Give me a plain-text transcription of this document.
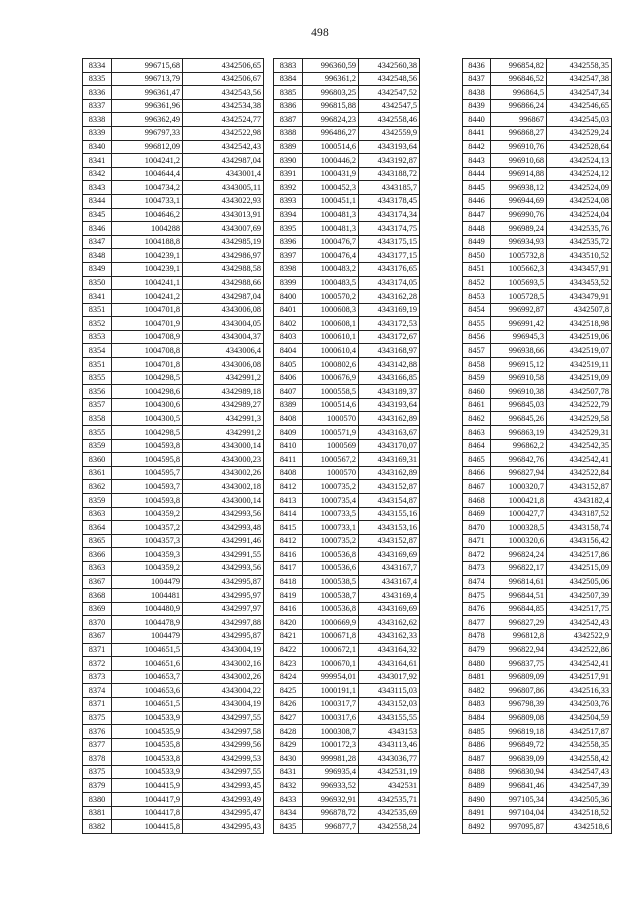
498
8334	996715,68	4342506,65
8335	996713,79	4342506,67
8336	996361,47	4342543,56
8337	996361,96	4342534,38
8338	996362,49	4342524,77
8339	996797,33	4342522,98
8340	996812,09	4342542,43
8341	1004241,2	4342987,04
8342	1004644,4	4343001,4
8343	1004734,2	4343005,11
8344	1004733,1	4343022,93
8345	1004646,2	4343013,91
8346	1004288	4343007,69
8347	1004188,8	4342985,19
8348	1004239,1	4342986,97
8349	1004239,1	4342988,58
8350	1004241,1	4342988,66
8341	1004241,2	4342987,04
8351	1004701,8	4343006,08
8352	1004701,9	4343004,05
8353	1004708,9	4343004,37
8354	1004708,8	4343006,4
8351	1004701,8	4343006,08
8355	1004298,5	4342991,2
8356	1004298,6	4342989,18
8357	1004300,6	4342989,27
8358	1004300,5	4342991,3
8355	1004298,5	4342991,2
8359	1004593,8	4343000,14
8360	1004595,8	4343000,23
8361	1004595,7	4343002,26
8362	1004593,7	4343002,18
8359	1004593,8	4343000,14
8363	1004359,2	4342993,56
8364	1004357,2	4342993,48
8365	1004357,3	4342991,46
8366	1004359,3	4342991,55
8363	1004359,2	4342993,56
8367	1004479	4342995,87
8368	1004481	4342995,97
8369	1004480,9	4342997,97
8370	1004478,9	4342997,88
8367	1004479	4342995,87
8371	1004651,5	4343004,19
8372	1004651,6	4343002,16
8373	1004653,7	4343002,26
8374	1004653,6	4343004,22
8371	1004651,5	4343004,19
8375	1004533,9	4342997,55
8376	1004535,9	4342997,58
8377	1004535,8	4342999,56
8378	1004533,8	4342999,53
8375	1004533,9	4342997,55
8379	1004415,9	4342993,45
8380	1004417,9	4342993,49
8381	1004417,8	4342995,47
8382	1004415,8	4342995,43
8383	996360,59	4342560,38
8384	996361,2	4342548,56
8385	996803,25	4342547,52
8386	996815,88	4342547,5
8387	996824,23	4342558,46
8388	996486,27	4342559,9
8389	1000514,6	4343193,64
8390	1000446,2	4343192,87
8391	1000431,9	4343188,72
8392	1000452,3	4343185,7
8393	1000451,1	4343178,45
8394	1000481,3	4343174,34
8395	1000481,3	4343174,75
8396	1000476,7	4343175,15
8397	1000476,4	4343177,15
8398	1000483,2	4343176,65
8399	1000483,5	4343174,05
8400	1000570,2	4343162,28
8401	1000608,3	4343169,19
8402	1000608,1	4343172,53
8403	1000610,1	4343172,67
8404	1000610,4	4343168,97
8405	1000802,6	4343142,88
8406	1000676,9	4343166,85
8407	1000558,5	4343189,37
8389	1000514,6	4343193,64
8408	1000570	4343162,89
8409	1000571,9	4343163,67
8410	1000569	4343170,07
8411	1000567,2	4343169,31
8408	1000570	4343162,89
8412	1000735,2	4343152,87
8413	1000735,4	4343154,87
8414	1000733,5	4343155,16
8415	1000733,1	4343153,16
8412	1000735,2	4343152,87
8416	1000536,8	4343169,69
8417	1000536,6	4343167,7
8418	1000538,5	4343167,4
8419	1000538,7	4343169,4
8416	1000536,8	4343169,69
8420	1000669,9	4343162,62
8421	1000671,8	4343162,33
8422	1000672,1	4343164,32
8423	1000670,1	4343164,61
8424	999954,01	4343017,92
8425	1000191,1	4343115,03
8426	1000317,7	4343152,03
8427	1000317,6	4343155,55
8428	1000308,7	4343153
8429	1000172,3	4343113,46
8430	999981,28	4343036,77
8431	996935,4	4342531,19
8432	996933,52	4342531
8433	996932,91	4342535,71
8434	996878,72	4342535,69
8435	996877,7	4342558,24
8436	996854,82	4342558,35
8437	996846,52	4342547,38
8438	996864,5	4342547,34
8439	996866,24	4342546,65
8440	996867	4342545,03
8441	996868,27	4342529,24
8442	996910,76	4342528,64
8443	996910,68	4342524,13
8444	996914,88	4342524,12
8445	996938,12	4342524,09
8446	996944,69	4342524,08
8447	996990,76	4342524,04
8448	996989,24	4342535,76
8449	996934,93	4342535,72
8450	1005732,8	4343510,52
8451	1005662,3	4343457,91
8452	1005693,5	4343453,52
8453	1005728,5	4343479,91
8454	996992,87	4342507,8
8455	996991,42	4342518,98
8456	996945,3	4342519,06
8457	996938,66	4342519,07
8458	996915,12	4342519,11
8459	996910,58	4342519,09
8460	996910,38	4342507,78
8461	996845,03	4342522,79
8462	996845,26	4342529,58
8463	996863,19	4342529,31
8464	996862,2	4342542,35
8465	996842,76	4342542,41
8466	996827,94	4342522,84
8467	1000320,7	4343152,87
8468	1000421,8	4343182,4
8469	1000427,7	4343187,52
8470	1000328,5	4343158,74
8471	1000320,6	4343156,42
8472	996824,24	4342517,86
8473	996822,17	4342515,09
8474	996814,61	4342505,06
8475	996844,51	4342507,39
8476	996844,85	4342517,75
8477	996827,29	4342542,43
8478	996812,8	4342522,9
8479	996822,94	4342522,86
8480	996837,75	4342542,41
8481	996809,09	4342517,91
8482	996807,86	4342516,33
8483	996798,39	4342503,76
8484	996809,08	4342504,59
8485	996819,18	4342517,87
8486	996849,72	4342558,35
8487	996839,09	4342558,42
8488	996830,94	4342547,43
8489	996841,46	4342547,39
8490	997105,34	4342505,36
8491	997104,04	4342518,52
8492	997095,87	4342518,6
